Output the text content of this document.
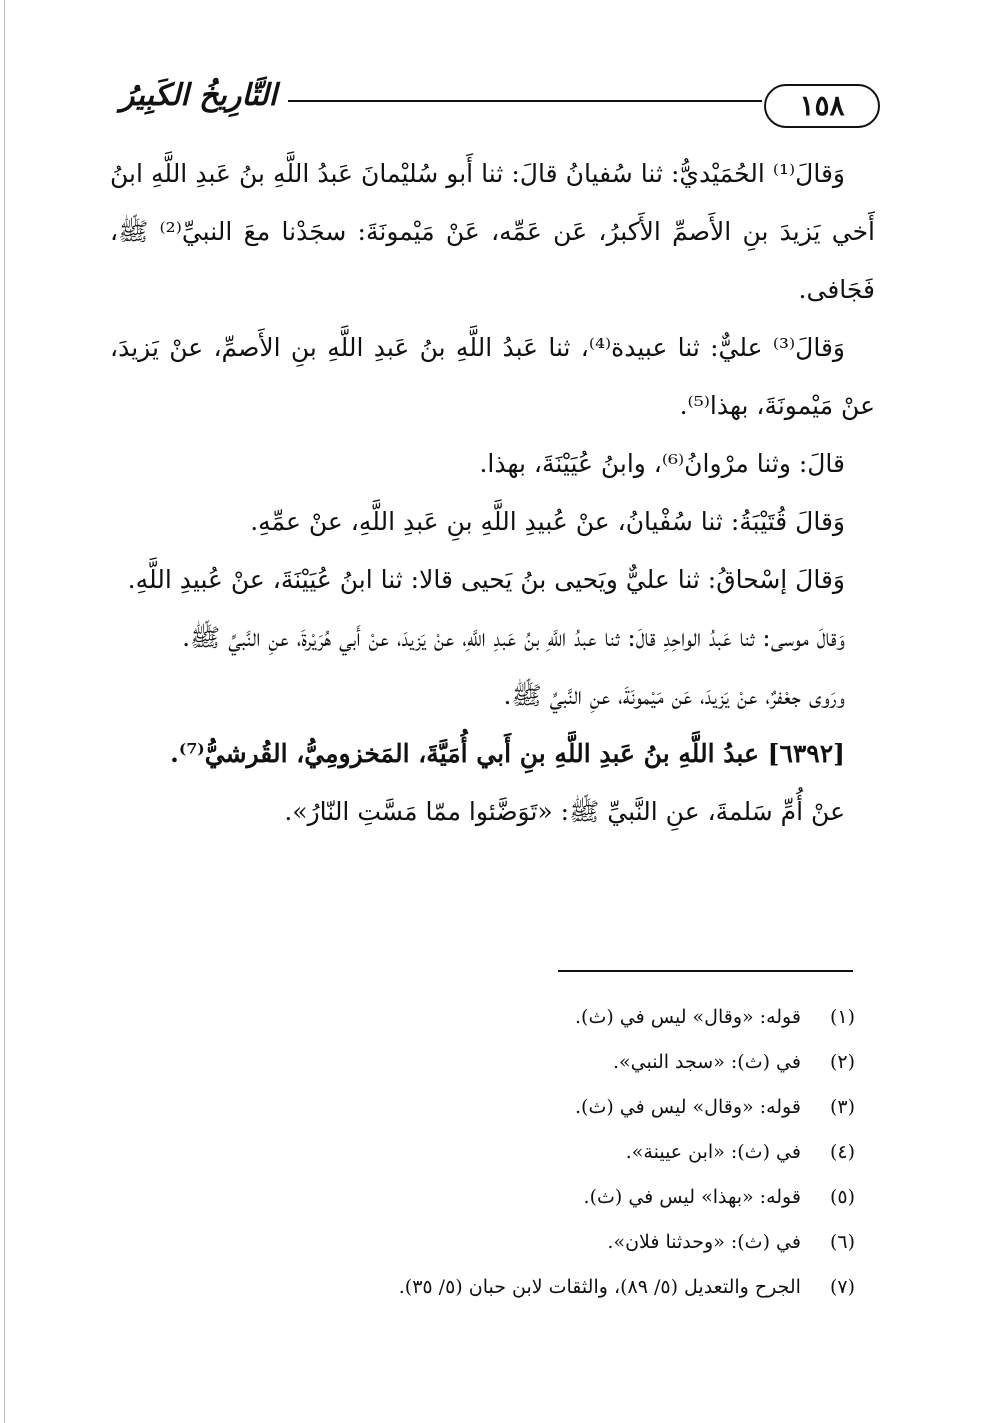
١٥٨
التَّارِيخُ الكَبِيرُ

وَقالَ⁽¹⁾ الحُمَيْديُّ: ثنا سُفيانُ قالَ: ثنا أَبو سُليْمانَ عَبدُ اللَّهِ بنُ عَبدِ اللَّهِ ابنُ أَخي يَزيدَ بنِ الأَصمِّ الأَكبرُ، عَن عَمِّه، عَنْ مَيْمونَةَ: سجَدْنا معَ النبيِّ⁽²⁾ ﷺ، فَجَافى.

وَقالَ⁽³⁾ عليٌّ: ثنا عبيدة⁽⁴⁾، ثنا عَبدُ اللَّهِ بنُ عَبدِ اللَّهِ بنِ الأَصمِّ، عنْ يَزيدَ، عنْ مَيْمونَةَ، بهذا⁽⁵⁾.

قالَ: وثنا مرْوانُ⁽⁶⁾، وابنُ عُيَيْنَةَ، بهذا.

وَقالَ قُتَيْبَةُ: ثنا سُفْيانُ، عنْ عُبيدِ اللَّهِ بنِ عَبدِ اللَّهِ، عنْ عمِّهِ.

وَقالَ إسْحاقُ: ثنا عليٌّ ويَحيى بنُ يَحيى قالا: ثنا ابنُ عُيَيْنَةَ، عنْ عُبيدِ اللَّهِ.

وَقالَ موسى: ثنا عَبدُ الواحِدِ قالَ: ثنا عبدُ اللَّهِ بنُ عَبدِ اللَّهِ، عنْ يَزيدَ، عنْ أَبي هُرَيْرةَ، عنِ النَّبيِّ ﷺ.

ورَوى جعْفرٌ، عنْ يَزيدَ، عَن مَيْمونَةَ، عنِ النَّبيِّ ﷺ.

[٦٣٩٢] عبدُ اللَّهِ بنُ عَبدِ اللَّهِ بنِ أَبي أُمَيَّةَ، المَخزومِيُّ، القُرشيُّ⁽⁷⁾.

عنْ أُمِّ سَلمةَ، عنِ النَّبيِّ ﷺ: «تَوَضَّئوا ممّا مَسَّتِ النّارُ».

(١) قوله: «وقال» ليس في (ث).
(٢) في (ث): «سجد النبي».
(٣) قوله: «وقال» ليس في (ث).
(٤) في (ث): «ابن عيينة».
(٥) قوله: «بهذا» ليس في (ث).
(٦) في (ث): «وحدثنا فلان».
(٧) الجرح والتعديل (٥/ ٨٩)، والثقات لابن حبان (٥/ ٣٥).
